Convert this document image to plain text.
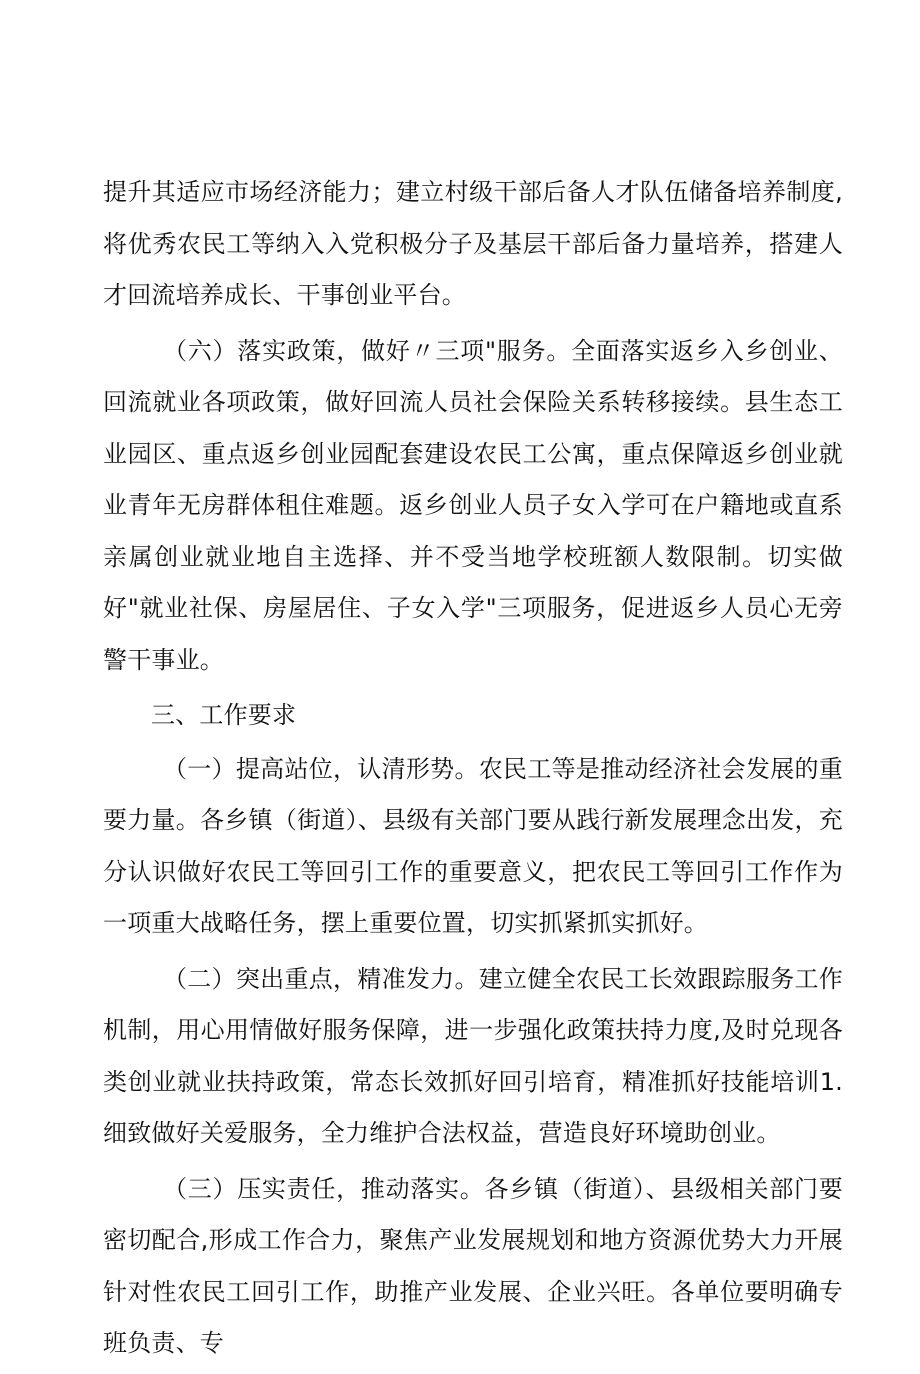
提升其适应市场经济能力；建立村级干部后备人才队伍储备培养制度,将优秀农民工等纳入入党积极分子及基层干部后备力量培养，搭建人才回流培养成长、干事创业平台。

（六）落实政策，做好〃三项"服务。全面落实返乡入乡创业、回流就业各项政策，做好回流人员社会保险关系转移接续。县生态工业园区、重点返乡创业园配套建设农民工公寓，重点保障返乡创业就业青年无房群体租住难题。返乡创业人员子女入学可在户籍地或直系亲属创业就业地自主选择、并不受当地学校班额人数限制。切实做好"就业社保、房屋居住、子女入学"三项服务，促进返乡人员心无旁警干事业。

三、工作要求

（一）提高站位，认清形势。农民工等是推动经济社会发展的重要力量。各乡镇（街道）、县级有关部门要从践行新发展理念出发，充分认识做好农民工等回引工作的重要意义，把农民工等回引工作作为一项重大战略任务，摆上重要位置，切实抓紧抓实抓好。

（二）突出重点，精准发力。建立健全农民工长效跟踪服务工作机制，用心用情做好服务保障，进一步强化政策扶持力度,及时兑现各类创业就业扶持政策，常态长效抓好回引培育，精准抓好技能培训1.细致做好关爱服务，全力维护合法权益，营造良好环境助创业。

（三）压实责任，推动落实。各乡镇（街道）、县级相关部门要密切配合,形成工作合力，聚焦产业发展规划和地方资源优势大力开展针对性农民工回引工作，助推产业发展、企业兴旺。各单位要明确专班负责、专
